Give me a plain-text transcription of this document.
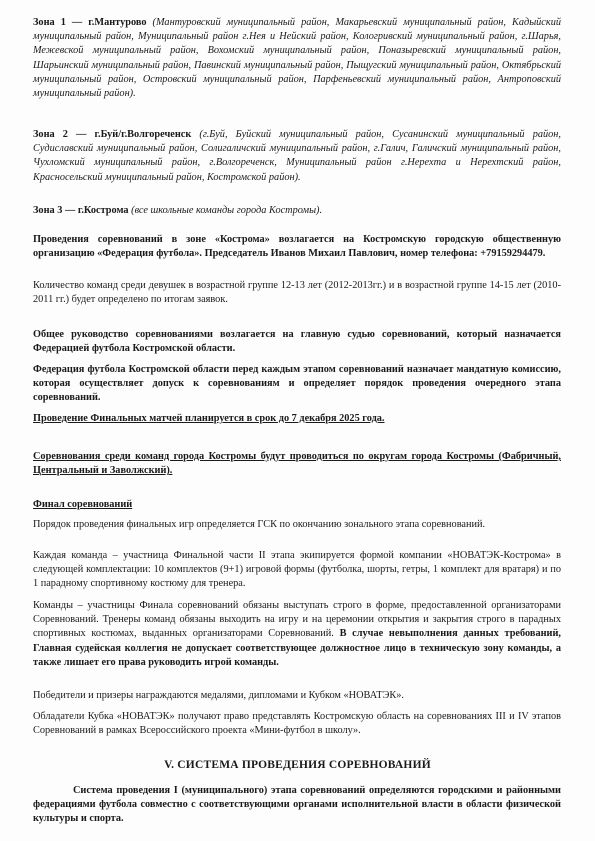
Зона 1 — г.Мантурово (Мантуровский муниципальный район, Макарьевский муниципальный район, Кадыйский муниципальный район, Муниципальный район г.Нея и Нейский район, Кологривский муниципальный район, г.Шарья, Межевской муниципальный район, Вохомский муниципальный район, Поназыревский муниципальный район, Шарьинский муниципальный район, Павинский муниципальный район, Пыщугский муниципальный район, Октябрьский муниципальный район, Островский муниципальный район, Парфеньевский муниципальный район, Антроповский муниципальный район).

Зона 2 — г.Буй/г.Волгореченск (г.Буй, Буйский муниципальный район, Сусанинский муниципальный район, Судиславский муниципальный район, Солигаличский муниципальный район, г.Галич, Галичский муниципальный район, Чухломский муниципальный район, г.Волгореченск, Муниципальный район г.Нерехта и Нерехтский район, Красносельский муниципальный район, Костромской район).

Зона 3 — г.Кострома (все школьные команды города Костромы).

Проведения соревнований в зоне «Кострома» возлагается на Костромскую городскую общественную организацию «Федерация футбола». Председатель Иванов Михаил Павлович, номер телефона: +79159294479.

Количество команд среди девушек в возрастной группе 12-13 лет (2012-2013гг.) и в возрастной группе 14-15 лет (2010-2011 гг.) будет определено по итогам заявок.

Общее руководство соревнованиями возлагается на главную судью соревнований, который назначается Федерацией футбола Костромской области.

Федерация футбола Костромской области перед каждым этапом соревнований назначает мандатную комиссию, которая осуществляет допуск к соревнованиям и определяет порядок проведения очередного этапа соревнований.

Проведение Финальных матчей планируется в срок до 7 декабря 2025 года.

Соревнования среди команд города Костромы будут проводиться по округам города Костромы (Фабричный, Центральный и Заволжский).

Финал соревнований

Порядок проведения финальных игр определяется ГСК по окончанию зонального этапа соревнований.

Каждая команда – участница Финальной части II этапа экипируется формой компании «НОВАТЭК-Кострома» в следующей комплектации: 10 комплектов (9+1) игровой формы (футболка, шорты, гетры, 1 комплект для вратаря) и по 1 парадному спортивному костюму для тренера.

Команды – участницы Финала соревнований обязаны выступать строго в форме, предоставленной организаторами Соревнований. Тренеры команд обязаны выходить на игру и на церемонии открытия и закрытия строго в парадных спортивных костюмах, выданных организаторами Соревнований. В случае невыполнения данных требований, Главная судейская коллегия не допускает соответствующее должностное лицо в техническую зону команды, а также лишает его права руководить игрой команды.

Победители и призеры награждаются медалями, дипломами и Кубком «НОВАТЭК».

Обладатели Кубка «НОВАТЭК» получают право представлять Костромскую область на соревнованиях III и IV этапов Соревнований в рамках Всероссийского проекта «Мини-футбол в школу».

V. СИСТЕМА ПРОВЕДЕНИЯ СОРЕВНОВАНИЙ

Система проведения I (муниципального) этапа соревнований определяются городскими и районными федерациями футбола совместно с соответствующими органами исполнительной власти в области физической культуры и спорта.
